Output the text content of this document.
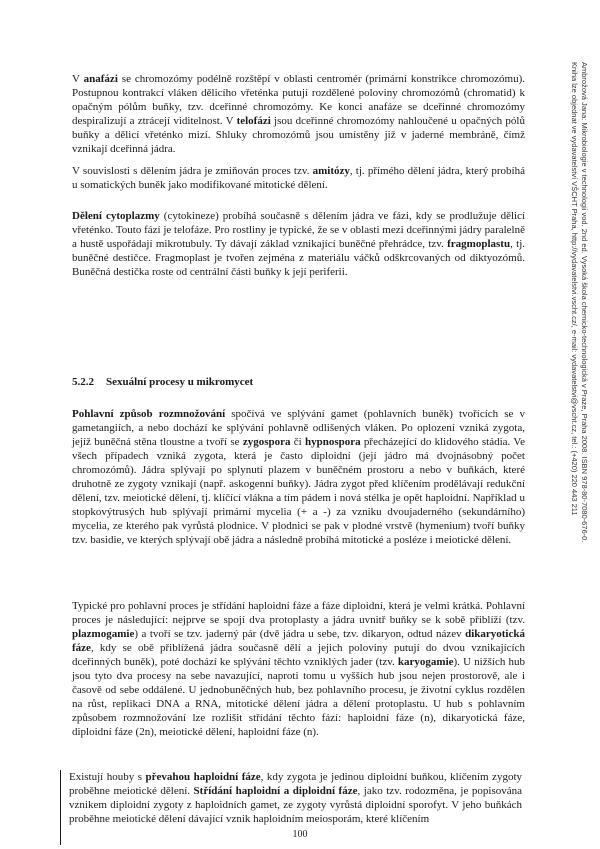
V anafázi se chromozómy podélně rozštěpí v oblasti centromér (primární konstrikce chromozómu). Postupnou kontrakcí vláken dělicího vřeténka putují rozdělené poloviny chromozómů (chromatid) k opačným pólům buňky, tzv. dceřinné chromozómy. Ke konci anafáze se dceřinné chromozómy despiralizují a ztrácejí viditelnost. V telofázi jsou dceřinné chromozómy nahloučené u opačných pólů buňky a dělicí vřeténko mizí. Shluky chromozómů jsou umístěny již v jaderné membráně, čímž vznikají dceřinná jádra.

V souvislosti s dělením jádra je zmiňován proces tzv. amitózy, tj. přímého dělení jádra, který probíhá u somatických buněk jako modifikované mitotické dělení.

Dělení cytoplazmy (cytokineze) probíhá současně s dělením jádra ve fázi, kdy se prodlužuje dělicí vřeténko. Touto fází je telofáze. Pro rostliny je typické, že se v oblasti mezi dceřinnými jádry paralelně a hustě uspořádají mikrotubuly. Ty dávají základ vznikající buněčné přehrádce, tzv. fragmoplastu, tj. buněčné destičce. Fragmoplast je tvořen zejména z materiálu váčků odškrcovaných od diktyozómů. Buněčná destička roste od centrální části buňky k její periferii.

5.2.2 Sexuální procesy u mikromycet

Pohlavní způsob rozmnožování spočívá ve splývání gamet (pohlavních buněk) tvořících se v gametangiích, a nebo dochází ke splývání pohlavně odlišených vláken. Po oplození vzniká zygota, jejíž buněčná stěna tloustne a tvoří se zygospora či hypnospora přecházející do klidového stádia. Ve všech případech vzniká zygota, která je často diploidní (její jádro má dvojnásobný počet chromozómů). Jádra splývají po splynutí plazem v buněčném prostoru a nebo v buňkách, které druhotně ze zygoty vznikají (např. askogenní buňky). Jádra zygot před klíčením prodělávají redukční dělení, tzv. meiotické dělení, tj. klíčící vlákna a tím pádem i nová stélka je opět haploidní. Například u stopkovýtrusých hub splývají primární mycelia (+ a -) za vzniku dvoujaderného (sekundárního) mycelia, ze kterého pak vyrůstá plodnice. V plodnici se pak v plodné vrstvě (hymenium) tvoří buňky tzv. basidie, ve kterých splývají obě jádra a následně probíhá mitotické a posléze i meiotické dělení.

Typické pro pohlavní proces je střídání haploidní fáze a fáze diploidní, která je velmi krátká. Pohlavní proces je následující: nejprve se spojí dva protoplasty a jádra uvnitř buňky se k sobě přiblíží (tzv. plazmogamie) a tvoří se tzv. jaderný pár (dvě jádra u sebe, tzv. dikaryon, odtud název dikaryotická fáze, kdy se obě přiblížená jádra současně dělí a jejich poloviny putují do dvou vznikajících dceřinných buněk), poté dochází ke splývání těchto vzniklých jader (tzv. karyogamie). U nižších hub jsou tyto dva procesy na sebe navazující, naproti tomu u vyšších hub jsou nejen prostorově, ale i časově od sebe oddálené. U jednobuněčných hub, bez pohlavního procesu, je životní cyklus rozdělen na růst, replikaci DNA a RNA, mitotické dělení jádra a dělení protoplastu. U hub s pohlavním způsobem rozmnožování lze rozlišit střídání těchto fází: haploidní fáze (n), dikaryotická fáze, diploidní fáze (2n), meiotické dělení, haploidní fáze (n).

Existují houby s převahou haploidní fáze, kdy zygota je jedinou diploidní buňkou, klíčením zygoty proběhne meiotické dělení. Střídání haploidní a diploidní fáze, jako tzv. rodozměna, je popisována vznikem diploidní zygoty z haploidních gamet, ze zygoty vyrůstá diploidní sporofyt. V jeho buňkách proběhne meiotické dělení dávající vznik haploidním meiosporám, které klíčením
100
Ambrožová Jana: Mikrobiologie v technologii vod. 2nd ed. Vysoká škola chemicko-technologická v Praze, Praha 2008. ISBN 978-80-7080-676-0.
Kniha lze objednat ve vydavatelství VŠCHT Praha, http://vydavatelstvi.vscht.cz/, e-mail: vydavatelstvi@vscht.cz, tel.: (+420) 220 443 211
